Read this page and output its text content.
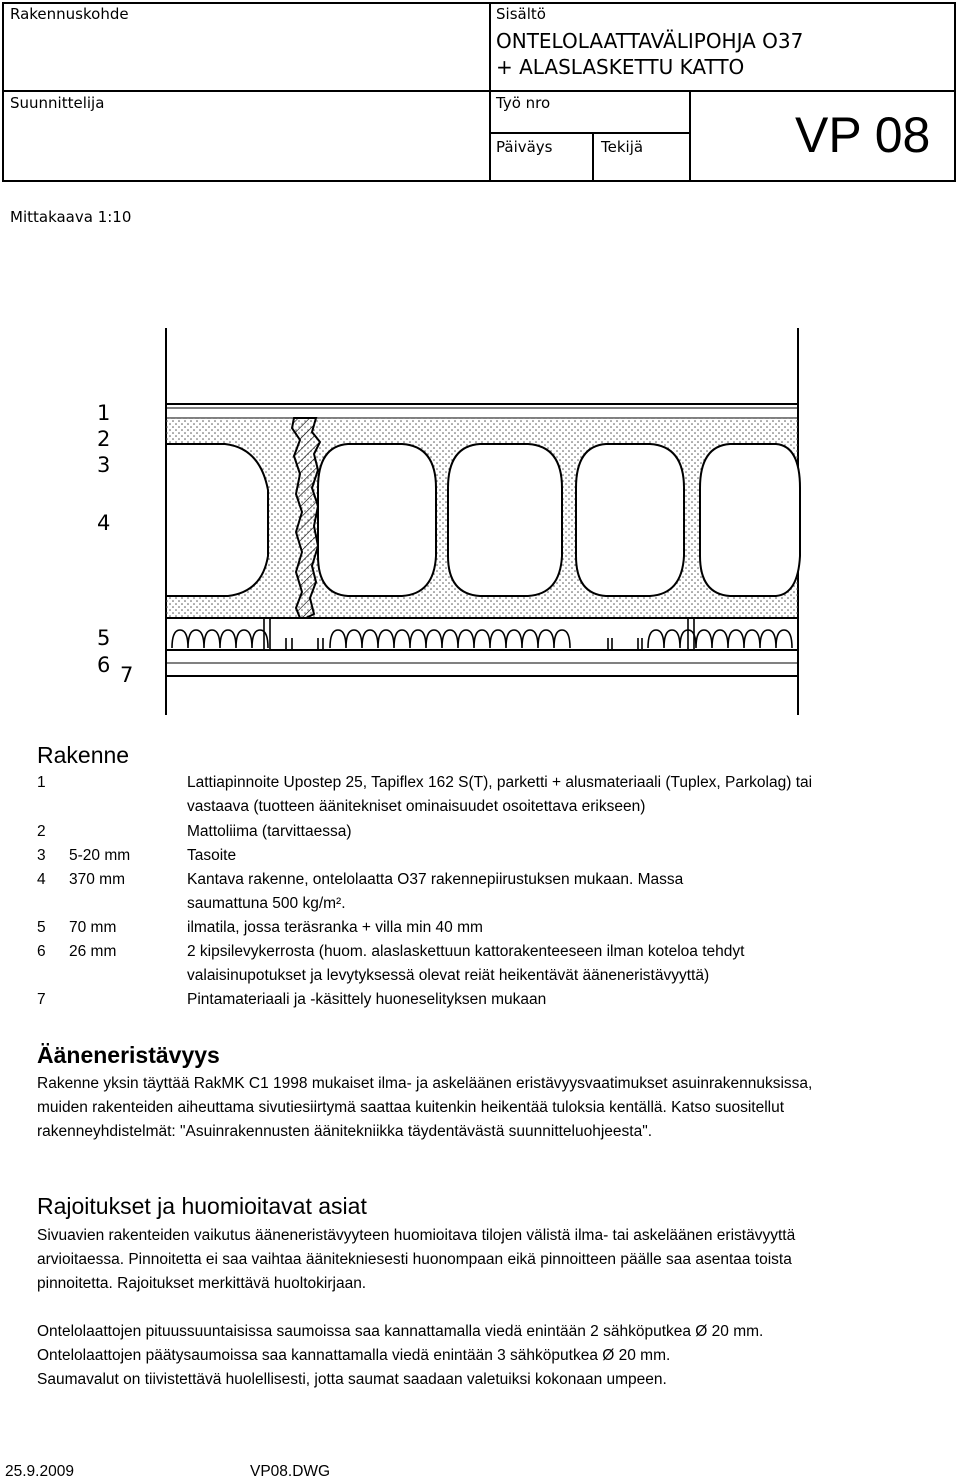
Rakennuskohde	Sisältö
ONTELOLAATTAVÄLIPOHJA O37
+ ALASLASKETTU KATTO
Suunnittelija	Työ nro
Päiväys	Tekijä	VP 08
Mittakaava 1:10
1
2
3
4
5
6 7
Rakenne
1	Lattiapinnoite Upostep 25, Tapiflex 162 S(T), parketti + alusmateriaali (Tuplex, Parkolag) tai
vastaava (tuotteen äänitekniset ominaisuudet osoitettava erikseen)
2	Mattoliima (tarvittaessa)
3 5-20 mm	Tasoite
4 370 mm	Kantava rakenne, ontelolaatta O37 rakennepiirustuksen mukaan. Massa
saumattuna 500 kg/m².
5 70 mm	ilmatila, jossa teräsranka + villa min 40 mm
6 26 mm	2 kipsilevykerrosta (huom. alaslaskettuun kattorakenteeseen ilman koteloa tehdyt
valaisinupotukset ja levytyksessä olevat reiät heikentävät ääneneristävyyttä)
7	Pintamateriaali ja -käsittely huoneselityksen mukaan
Ääneneristävyys
Rakenne yksin täyttää RakMK C1 1998 mukaiset ilma- ja askeläänen eristävyysvaatimukset asuinrakennuksissa,
muiden rakenteiden aiheuttama sivutiesiirtymä saattaa kuitenkin heikentää tuloksia kentällä. Katso suositellut
rakenneyhdistelmät: "Asuinrakennusten äänitekniikka täydentävästä suunnitteluohjeesta".
Rajoitukset ja huomioitavat asiat
Sivuavien rakenteiden vaikutus ääneneristävyyteen huomioitava tilojen välistä ilma- tai askeläänen eristävyyttä
arvioitaessa. Pinnoitetta ei saa vaihtaa äänitekniesesti huonompaan eikä pinnoitteen päälle saa asentaa toista
pinnoitetta. Rajoitukset merkittävä huoltokirjaan.
Ontelolaattojen pituussuuntaisissa saumoissa saa kannattamalla viedä enintään 2 sähköputkea Ø 20 mm.
Ontelolaattojen päätysaumoissa saa kannattamalla viedä enintään 3 sähköputkea Ø 20 mm.
Saumavalut on tiivistettävä huolellisesti, jotta saumat saadaan valetuiksi kokonaan umpeen.
25.9.2009	VP08.DWG
